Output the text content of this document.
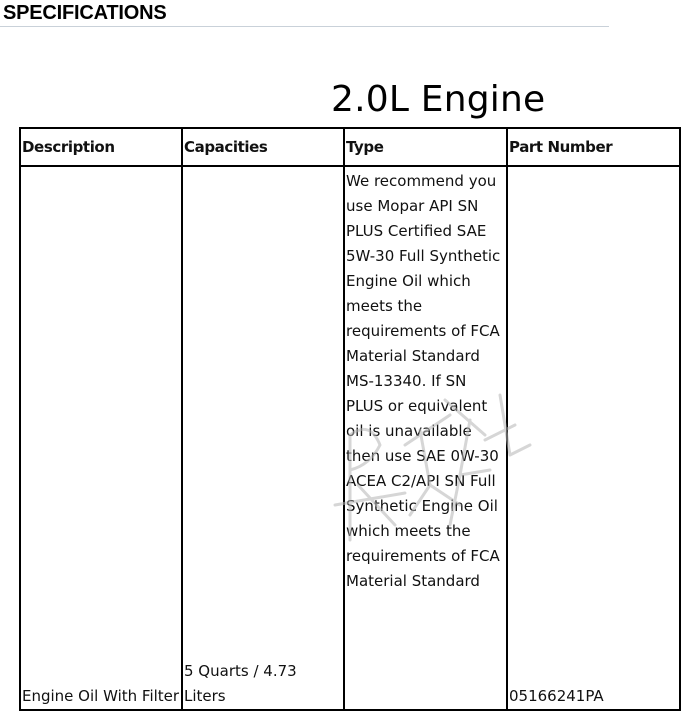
SPECIFICATIONS
2.0L Engine
Description	Capacities	Type	Part Number
Engine Oil With Filter	5 Quarts / 4.73 Liters	We recommend you use Mopar API SN PLUS Certified SAE 5W-30 Full Synthetic Engine Oil which meets the requirements of FCA Material Standard MS-13340. If SN PLUS or equivalent oil is unavailable then use SAE 0W-30 ACEA C2/API SN Full Synthetic Engine Oil which meets the requirements of FCA Material Standard	05166241PA
